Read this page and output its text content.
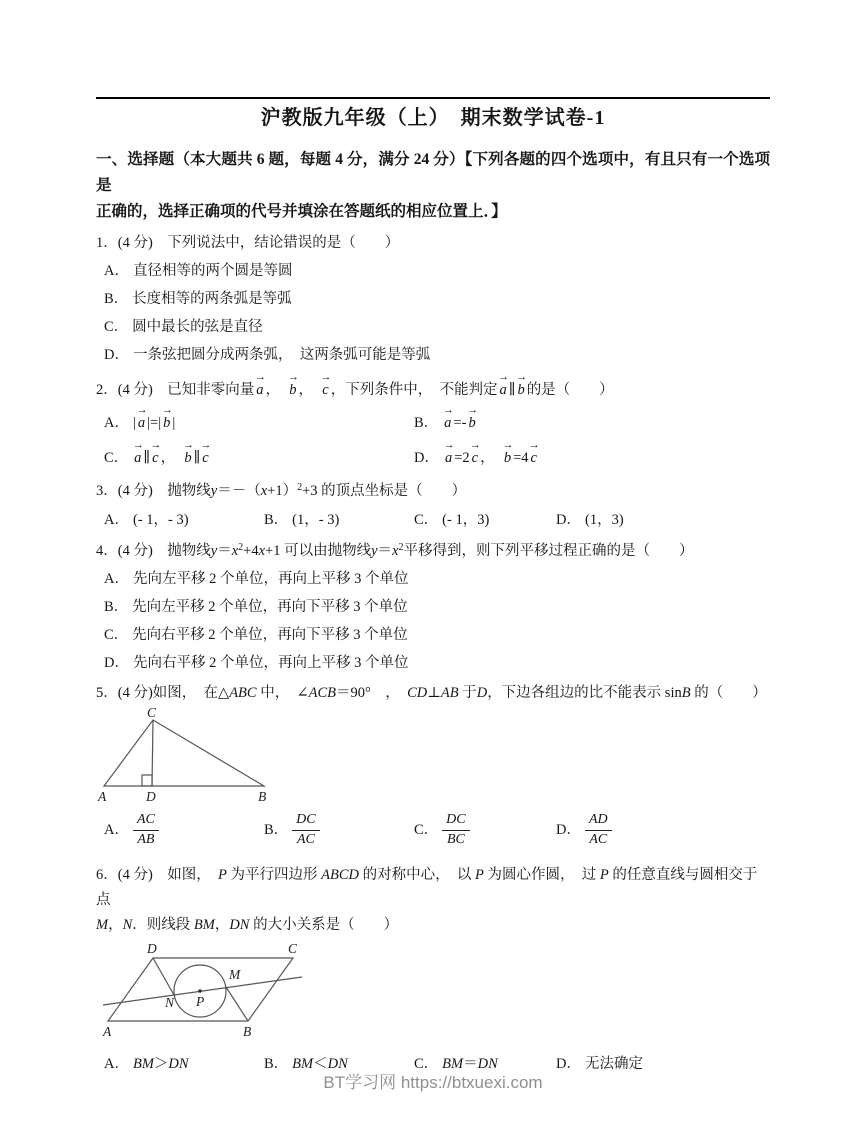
沪教版九年级（上）　期末数学试卷-1

一、选择题（本大题共 6 题，每题 4 分，满分 24 分）【下列各题的四个选项中，有且只有一个选项是
正确的，选择正确项的代号并填涂在答题纸的相应位置上．】

1．(4 分)　下列说法中，结论错误的是（　　）

A． 直径相等的两个圆是等圆

B． 长度相等的两条弧是等弧

C． 圆中最长的弦是直径

D． 一条弦把圆分成两条弧，　这两条弧可能是等弧

2．(4 分)　已知非零向量
→
a ，　
→
b ，　
→
c ，下列条件中，　不能判定
→
a ∥
→
b 的是（　　）

A． |
→
a |=|
→
b |	B．
→
a =-
→
b

C．
→
a ∥
→
c ，　
→
b ∥
→
c	D．
→
a =2
→
c ，　
→
b =4
→
c

3．(4 分)　抛物线$y=-(x+1)^2+3$ 的顶点坐标是（　　）

A． (- 1，- 3)	B． (1，- 3)	C． (- 1，3)	D． (1，3)

4．(4 分)　抛物线$y=x^2+4x+1$ 可以由抛物线$y=x^2$平移得到，则下列平移过程正确的是（　　）

A． 先向左平移 2 个单位，再向上平移 3 个单位

B． 先向左平移 2 个单位，再向下平移 3 个单位

C． 先向右平移 2 个单位，再向下平移 3 个单位

D． 先向右平移 2 个单位，再向上平移 3 个单位

5．(4 分)如图，　在△ABC 中，　∠ACB＝90°　，　CD⊥AB 于D，下边各组边的比不能表示 sinB 的（　　）

C
A	D	B

A． $\frac{AC}{AB}$	B． $\frac{DC}{AC}$	C． $\frac{DC}{BC}$	D． $\frac{AD}{AC}$

6．(4 分)　如图，　P 为平行四边形 ABCD 的对称中心，　以 P 为圆心作圆，　过 P 的任意直线与圆相交于点
M，N．则线段 BM，DN 的大小关系是（　　）

D	C
A	B
M
N P

A． BM＞DN	B． BM＜DN	C． BM＝DN	D． 无法确定

BT学习网 https://btxuexi.com
